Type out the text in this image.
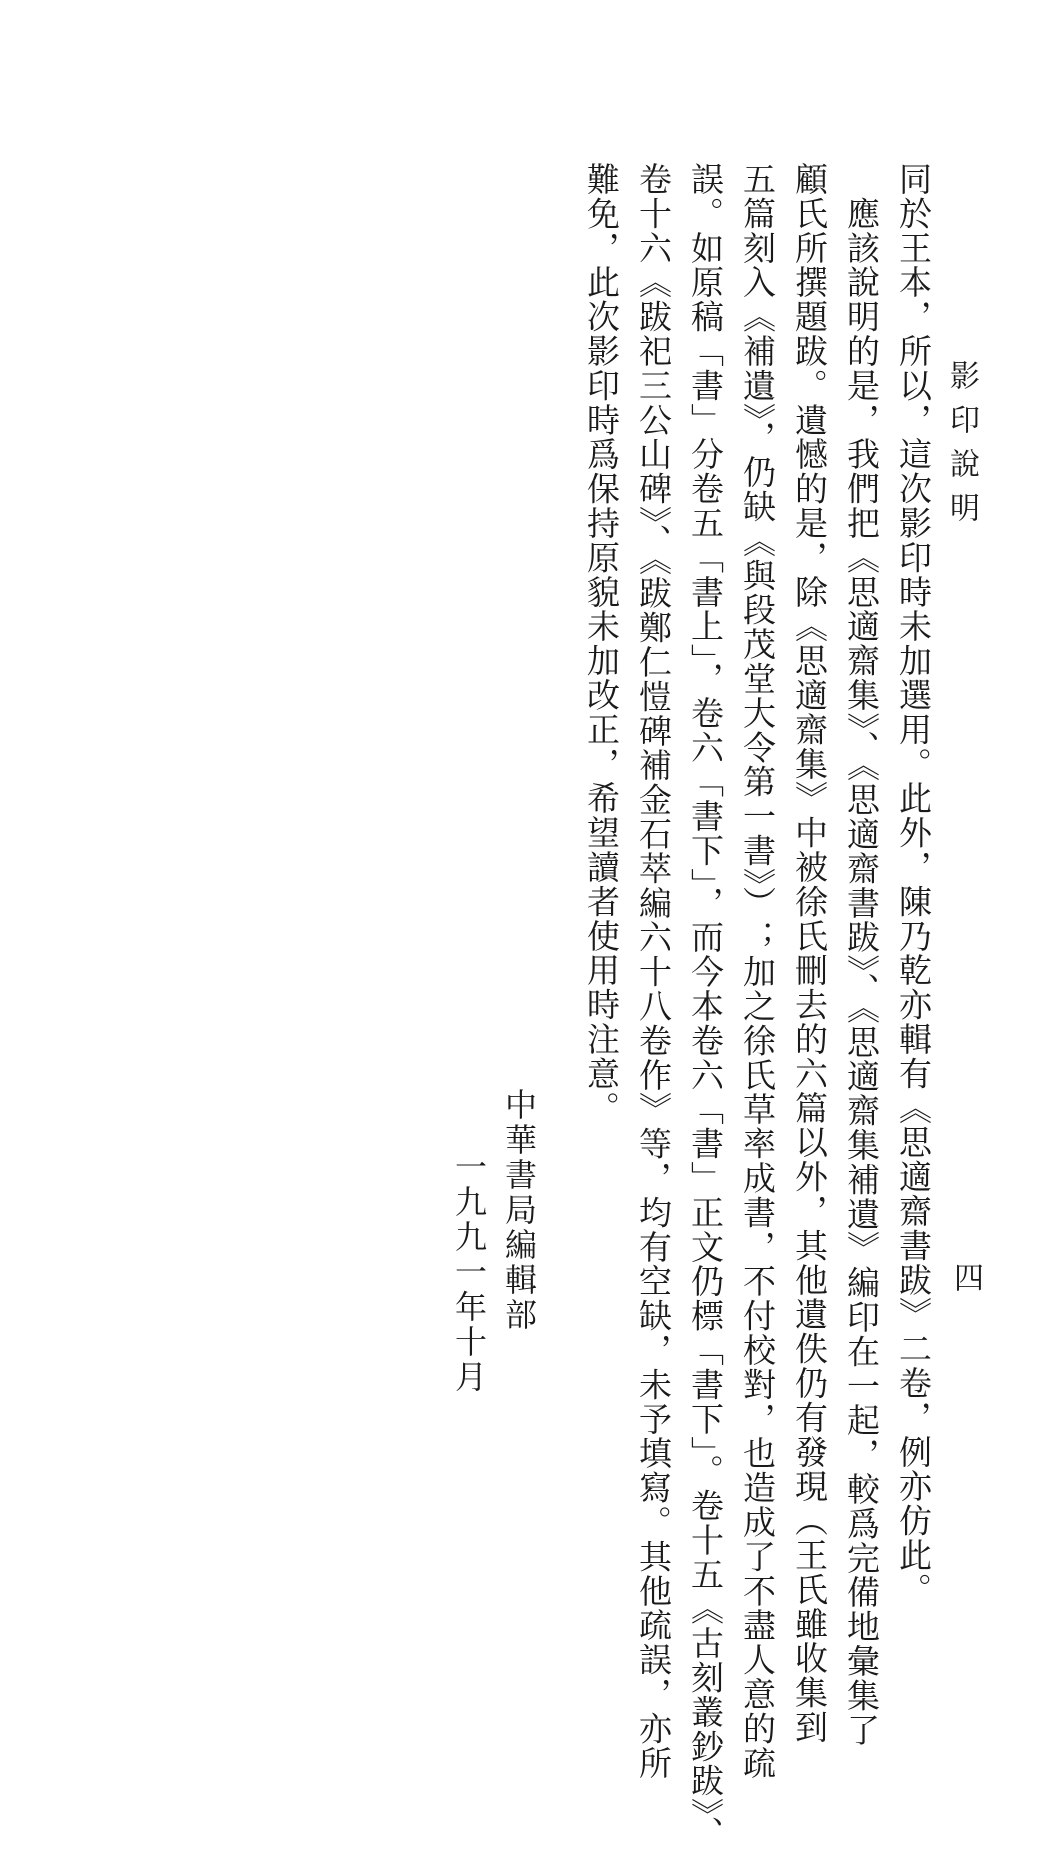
影印說明
四
同於王本，所以，這次影印時未加選用。此外，陳乃乾亦輯有《思適齋書跋》二卷，例亦仿此。
　應該說明的是，我們把《思適齋集》、《思適齋書跋》、《思適齋集補遺》編印在一起，較爲完備地彙集了
顧氏所撰題跋。遺憾的是，除《思適齋集》中被徐氏刪去的六篇以外，其他遺佚仍有發現（王氏雖收集到
五篇刻入《補遺》，仍缺《與段茂堂大令第一書》）；加之徐氏草率成書，不付校對，也造成了不盡人意的疏
誤。如原稿「書」分卷五「書上」，卷六「書下」，而今本卷六「書」正文仍標「書下」。卷十五《古刻叢鈔跋》、
卷十六《跋祀三公山碑》、《跋鄭仁愷碑補金石萃編六十八卷作》等，均有空缺，未予填寫。其他疏誤，亦所
難免，此次影印時爲保持原貌未加改正，希望讀者使用時注意。
中華書局編輯部
一九九一年十月
